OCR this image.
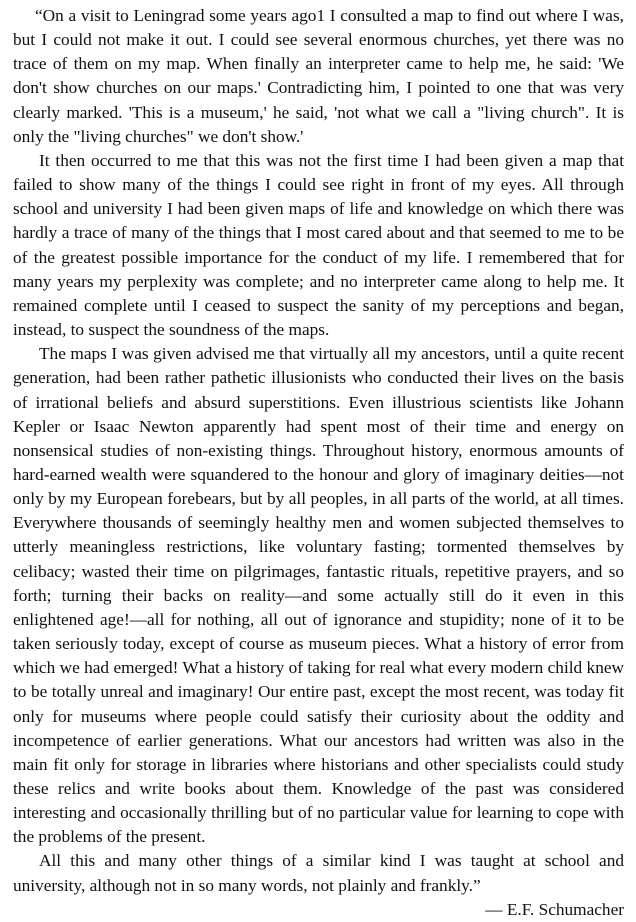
“On a visit to Leningrad some years ago1 I consulted a map to find out where I was, but I could not make it out. I could see several enormous churches, yet there was no trace of them on my map. When finally an interpreter came to help me, he said: 'We don't show churches on our maps.' Contradicting him, I pointed to one that was very clearly marked. 'This is a museum,' he said, 'not what we call a "living church". It is only the "living churches" we don't show.'

It then occurred to me that this was not the first time I had been given a map that failed to show many of the things I could see right in front of my eyes. All through school and university I had been given maps of life and knowledge on which there was hardly a trace of many of the things that I most cared about and that seemed to me to be of the greatest possible importance for the conduct of my life. I remembered that for many years my perplexity was complete; and no interpreter came along to help me. It remained complete until I ceased to suspect the sanity of my perceptions and began, instead, to suspect the soundness of the maps.

The maps I was given advised me that virtually all my ancestors, until a quite recent generation, had been rather pathetic illusionists who conducted their lives on the basis of irrational beliefs and absurd superstitions. Even illustrious scientists like Johann Kepler or Isaac Newton apparently had spent most of their time and energy on nonsensical studies of non-existing things. Throughout history, enormous amounts of hard-earned wealth were squandered to the honour and glory of imaginary deities—not only by my European forebears, but by all peoples, in all parts of the world, at all times. Everywhere thousands of seemingly healthy men and women subjected themselves to utterly meaningless restrictions, like voluntary fasting; tormented themselves by celibacy; wasted their time on pilgrimages, fantastic rituals, repetitive prayers, and so forth; turning their backs on reality—and some actually still do it even in this enlightened age!—all for nothing, all out of ignorance and stupidity; none of it to be taken seriously today, except of course as museum pieces. What a history of error from which we had emerged! What a history of taking for real what every modern child knew to be totally unreal and imaginary! Our entire past, except the most recent, was today fit only for museums where people could satisfy their curiosity about the oddity and incompetence of earlier generations. What our ancestors had written was also in the main fit only for storage in libraries where historians and other specialists could study these relics and write books about them. Knowledge of the past was considered interesting and occasionally thrilling but of no particular value for learning to cope with the problems of the present.

All this and many other things of a similar kind I was taught at school and university, although not in so many words, not plainly and frankly.”

— E.F. Schumacher
